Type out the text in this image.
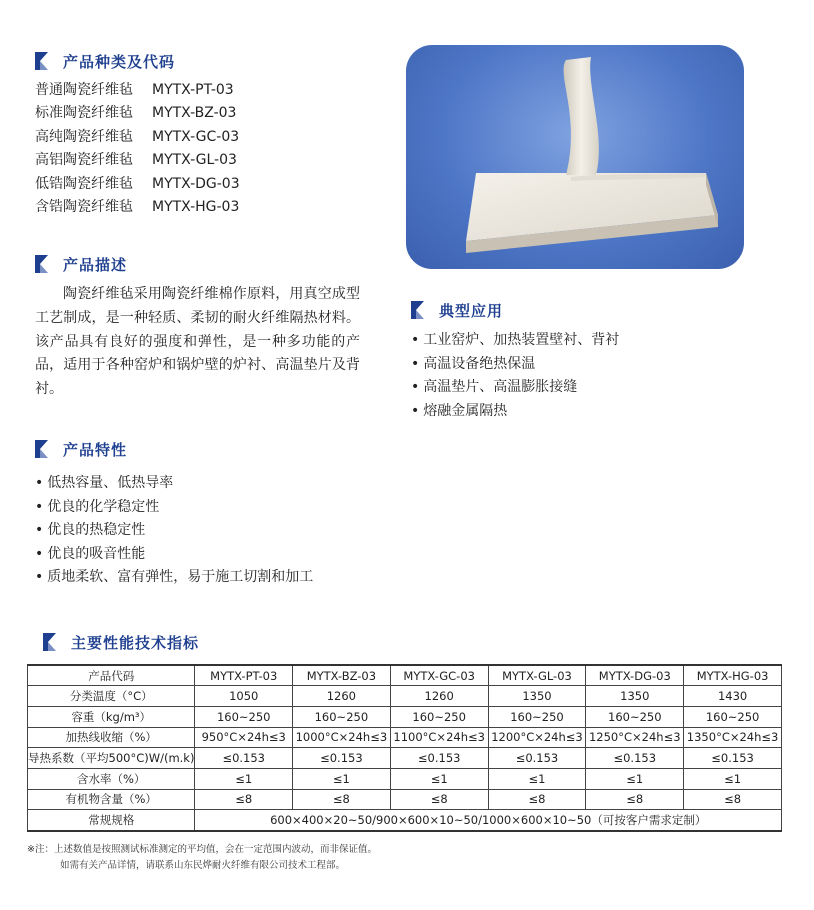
产品种类及代码
普通陶瓷纤维毡 MYTX-PT-03
标准陶瓷纤维毡 MYTX-BZ-03
高纯陶瓷纤维毡 MYTX-GC-03
高铝陶瓷纤维毡 MYTX-GL-03
低锆陶瓷纤维毡 MYTX-DG-03
含锆陶瓷纤维毡 MYTX-HG-03
产品描述
陶瓷纤维毡采用陶瓷纤维棉作原料，用真空成型工艺制成，是一种轻质、柔韧的耐火纤维隔热材料。该产品具有良好的强度和弹性，是一种多功能的产品，适用于各种窑炉和锅炉壁的炉衬、高温垫片及背衬。
典型应用
• 工业窑炉、加热装置壁衬、背衬
• 高温设备绝热保温
• 高温垫片、高温膨胀接缝
• 熔融金属隔热
产品特性
• 低热容量、低热导率
• 优良的化学稳定性
• 优良的热稳定性
• 优良的吸音性能
• 质地柔软、富有弹性，易于施工切割和加工
主要性能技术指标
产品代码	MYTX-PT-03	MYTX-BZ-03	MYTX-GC-03	MYTX-GL-03	MYTX-DG-03	MYTX-HG-03
分类温度（°C）	1050	1260	1260	1350	1350	1430
容重（kg/m³）	160~250	160~250	160~250	160~250	160~250	160~250
加热线收缩（%）	950°C×24h≤3	1000°C×24h≤3	1100°C×24h≤3	1200°C×24h≤3	1250°C×24h≤3	1350°C×24h≤3
导热系数（平均500°C)W/(m.k)	≤0.153	≤0.153	≤0.153	≤0.153	≤0.153	≤0.153
含水率（%）	≤1	≤1	≤1	≤1	≤1	≤1
有机物含量（%）	≤8	≤8	≤8	≤8	≤8	≤8
常规规格	600×400×20~50/900×600×10~50/1000×600×10~50（可按客户需求定制）					
※注：上述数值是按照测试标准测定的平均值，会在一定范围内波动，而非保证值。
如需有关产品详情，请联系山东民烨耐火纤维有限公司技术工程部。
